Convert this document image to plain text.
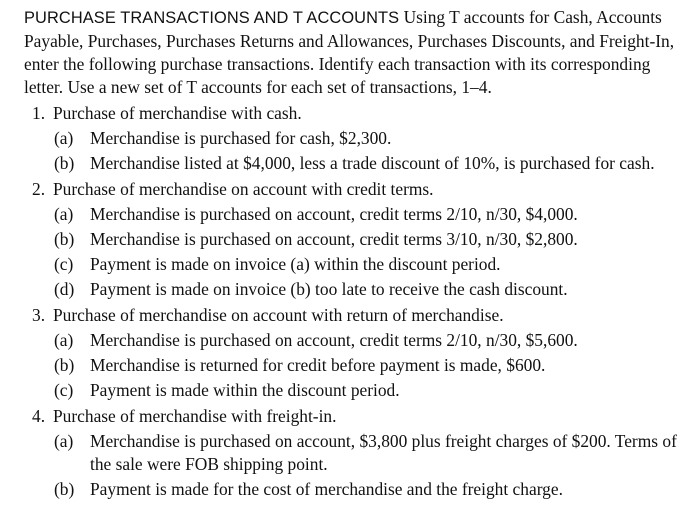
PURCHASE TRANSACTIONS AND T ACCOUNTS Using T accounts for Cash, Accounts Payable, Purchases, Purchases Returns and Allowances, Purchases Discounts, and Freight-In, enter the following purchase transactions. Identify each transaction with its corresponding letter. Use a new set of T accounts for each set of transactions, 1–4.

1. Purchase of merchandise with cash.
(a) Merchandise is purchased for cash, $2,300.
(b) Merchandise listed at $4,000, less a trade discount of 10%, is purchased for cash.
2. Purchase of merchandise on account with credit terms.
(a) Merchandise is purchased on account, credit terms 2/10, n/30, $4,000.
(b) Merchandise is purchased on account, credit terms 3/10, n/30, $2,800.
(c) Payment is made on invoice (a) within the discount period.
(d) Payment is made on invoice (b) too late to receive the cash discount.
3. Purchase of merchandise on account with return of merchandise.
(a) Merchandise is purchased on account, credit terms 2/10, n/30, $5,600.
(b) Merchandise is returned for credit before payment is made, $600.
(c) Payment is made within the discount period.
4. Purchase of merchandise with freight-in.
(a) Merchandise is purchased on account, $3,800 plus freight charges of $200. Terms of the sale were FOB shipping point.
(b) Payment is made for the cost of merchandise and the freight charge.
